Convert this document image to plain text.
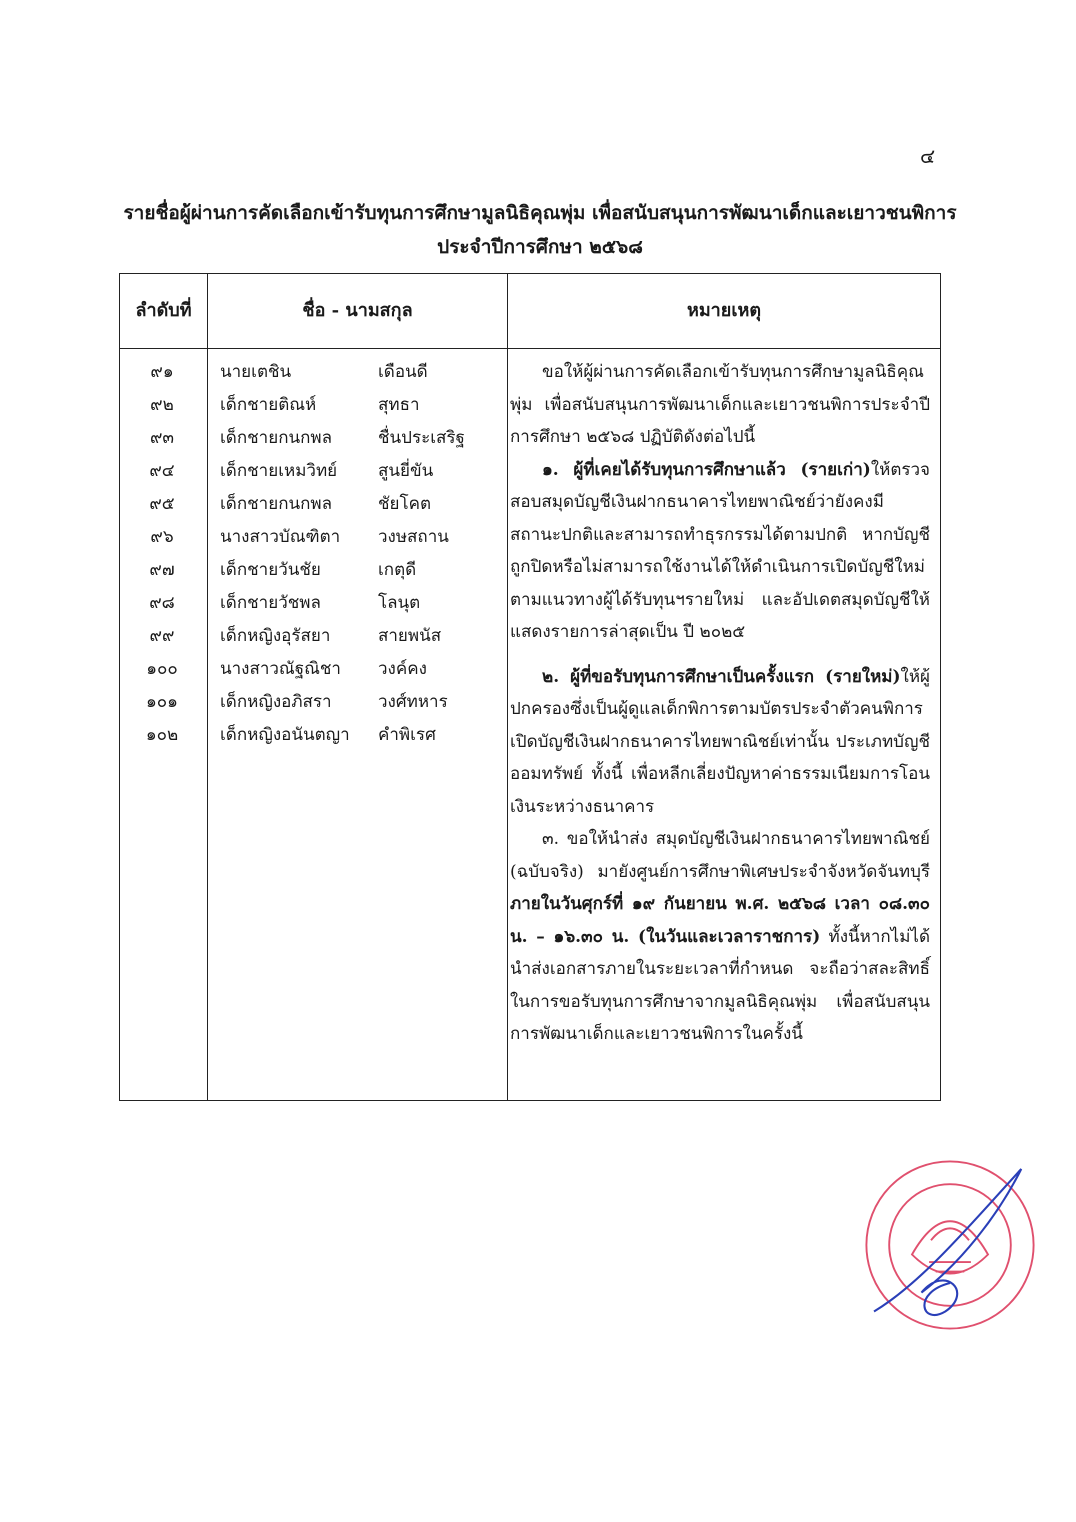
๔
รายชื่อผู้ผ่านการคัดเลือกเข้ารับทุนการศึกษามูลนิธิคุณพุ่ม เพื่อสนับสนุนการพัฒนาเด็กและเยาวชนพิการ
ประจำปีการศึกษา ๒๕๖๘
ลำดับที่	ชื่อ - นามสกุล	หมายเหตุ
๙๑	นายเตชิน	เดือนดี
๙๒	เด็กชายติณห์	สุทธา
๙๓	เด็กชายกนกพล	ชื่นประเสริฐ
๙๔	เด็กชายเหมวิทย์ สูนยี่ขัน
๙๕	เด็กชายกนกพล	ชัยโคต
๙๖	นางสาวบัณฑิตา วงษสถาน
๙๗	เด็กชายวันชัย	เกตุดี
๙๘	เด็กชายวัชพล	โลนุต
๙๙	เด็กหญิงอุรัสยา	สายพนัส
๑๐๐	นางสาวณัฐณิชา วงค์คง
๑๐๑	เด็กหญิงอภิสรา	วงศ์ทหาร
๑๐๒	เด็กหญิงอนันตญา คำพิเรศ

ขอให้ผู้ผ่านการคัดเลือกเข้ารับทุนการศึกษามูลนิธิคุณพุ่ม เพื่อสนับสนุนการพัฒนาเด็กและเยาวชนพิการประจำปีการศึกษา ๒๕๖๘ ปฏิบัติดังต่อไปนี้

๑. ผู้ที่เคยได้รับทุนการศึกษาแล้ว (รายเก่า)ให้ตรวจสอบสมุดบัญชีเงินฝากธนาคารไทยพาณิชย์ว่ายังคงมีสถานะปกติและสามารถทำธุรกรรมได้ตามปกติ หากบัญชีถูกปิดหรือไม่สามารถใช้งานได้ให้ดำเนินการเปิดบัญชีใหม่ตามแนวทางผู้ได้รับทุนฯรายใหม่ และอัปเดตสมุดบัญชีให้แสดงรายการล่าสุดเป็น ปี ๒๐๒๕

๒. ผู้ที่ขอรับทุนการศึกษาเป็นครั้งแรก (รายใหม่)ให้ผู้ปกครองซึ่งเป็นผู้ดูแลเด็กพิการตามบัตรประจำตัวคนพิการ เปิดบัญชีเงินฝากธนาคารไทยพาณิชย์เท่านั้น ประเภทบัญชีออมทรัพย์ ทั้งนี้ เพื่อหลีกเลี่ยงปัญหาค่าธรรมเนียมการโอนเงินระหว่างธนาคาร

๓. ขอให้นำส่ง สมุดบัญชีเงินฝากธนาคารไทยพาณิชย์ (ฉบับจริง) มายังศูนย์การศึกษาพิเศษประจำจังหวัดจันทบุรี ภายในวันศุกร์ที่ ๑๙ กันยายน พ.ศ. ๒๕๖๘ เวลา ๐๘.๓๐ น. – ๑๖.๓๐ น. (ในวันและเวลาราชการ) ทั้งนี้หากไม่ได้นำส่งเอกสารภายในระยะเวลาที่กำหนด จะถือว่าสละสิทธิ์ในการขอรับทุนการศึกษาจากมูลนิธิคุณพุ่ม เพื่อสนับสนุนการพัฒนาเด็กและเยาวชนพิการในครั้งนี้
